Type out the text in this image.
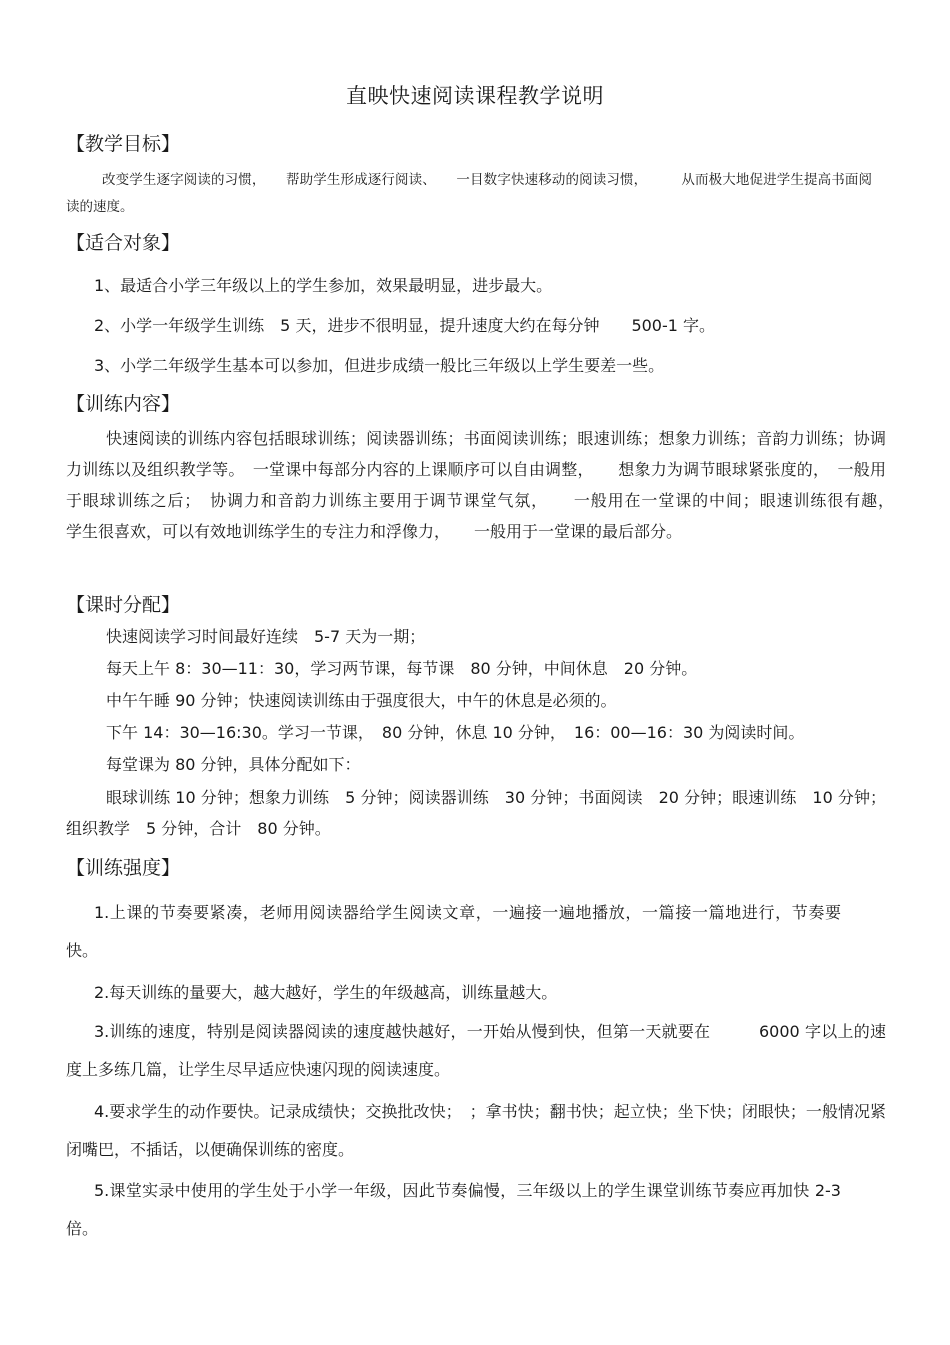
直映快速阅读课程教学说明
【教学目标】
改变学生逐字阅读的习惯，　　帮助学生形成逐行阅读、　　一目数字快速移动的阅读习惯，　　　从而极大地促进学生提高书面阅读的速度。
【适合对象】
1、最适合小学三年级以上的学生参加，效果最明显，进步最大。
2、小学一年级学生训练　5 天，进步不很明显，提升速度大约在每分钟　　500-1 字。
3、小学二年级学生基本可以参加，但进步成绩一般比三年级以上学生要差一些。
【训练内容】
快速阅读的训练内容包括眼球训练；阅读器训练；书面阅读训练；眼速训练；想象力训练；音韵力训练；协调力训练以及组织教学等。　一堂课中每部分内容的上课顺序可以自由调整，　　想象力为调节眼球紧张度的，　一般用于眼球训练之后；　协调力和音韵力训练主要用于调节课堂气氛，　　一般用在一堂课的中间；眼速训练很有趣，　　学生很喜欢，可以有效地训练学生的专注力和浮像力，　　一般用于一堂课的最后部分。
【课时分配】
快速阅读学习时间最好连续　5-7 天为一期；
每天上午 8：30—11：30，学习两节课，每节课　80 分钟，中间休息　20 分钟。
中午午睡 90 分钟；快速阅读训练由于强度很大，中午的休息是必须的。
下午 14：30—16:30。学习一节课，　80 分钟，休息 10 分钟，　16：00—16：30 为阅读时间。
每堂课为 80 分钟，具体分配如下：
眼球训练 10 分钟；想象力训练　5 分钟；阅读器训练　30 分钟；书面阅读　20 分钟；眼速训练　10 分钟；组织教学　5 分钟，合计　80 分钟。
【训练强度】
1.上课的节奏要紧凑，老师用阅读器给学生阅读文章，一遍接一遍地播放，一篇接一篇地进行，节奏要快。
2.每天训练的量要大，越大越好，学生的年级越高，训练量越大。
3.训练的速度，特别是阅读器阅读的速度越快越好，一开始从慢到快，但第一天就要在　　　6000 字以上的速度上多练几篇，让学生尽早适应快速闪现的阅读速度。
4.要求学生的动作要快。记录成绩快；交换批改快；　；拿书快；翻书快；起立快；坐下快；闭眼快；一般情况紧闭嘴巴，不插话，以便确保训练的密度。
5.课堂实录中使用的学生处于小学一年级，因此节奏偏慢，三年级以上的学生课堂训练节奏应再加快 2-3 倍。
